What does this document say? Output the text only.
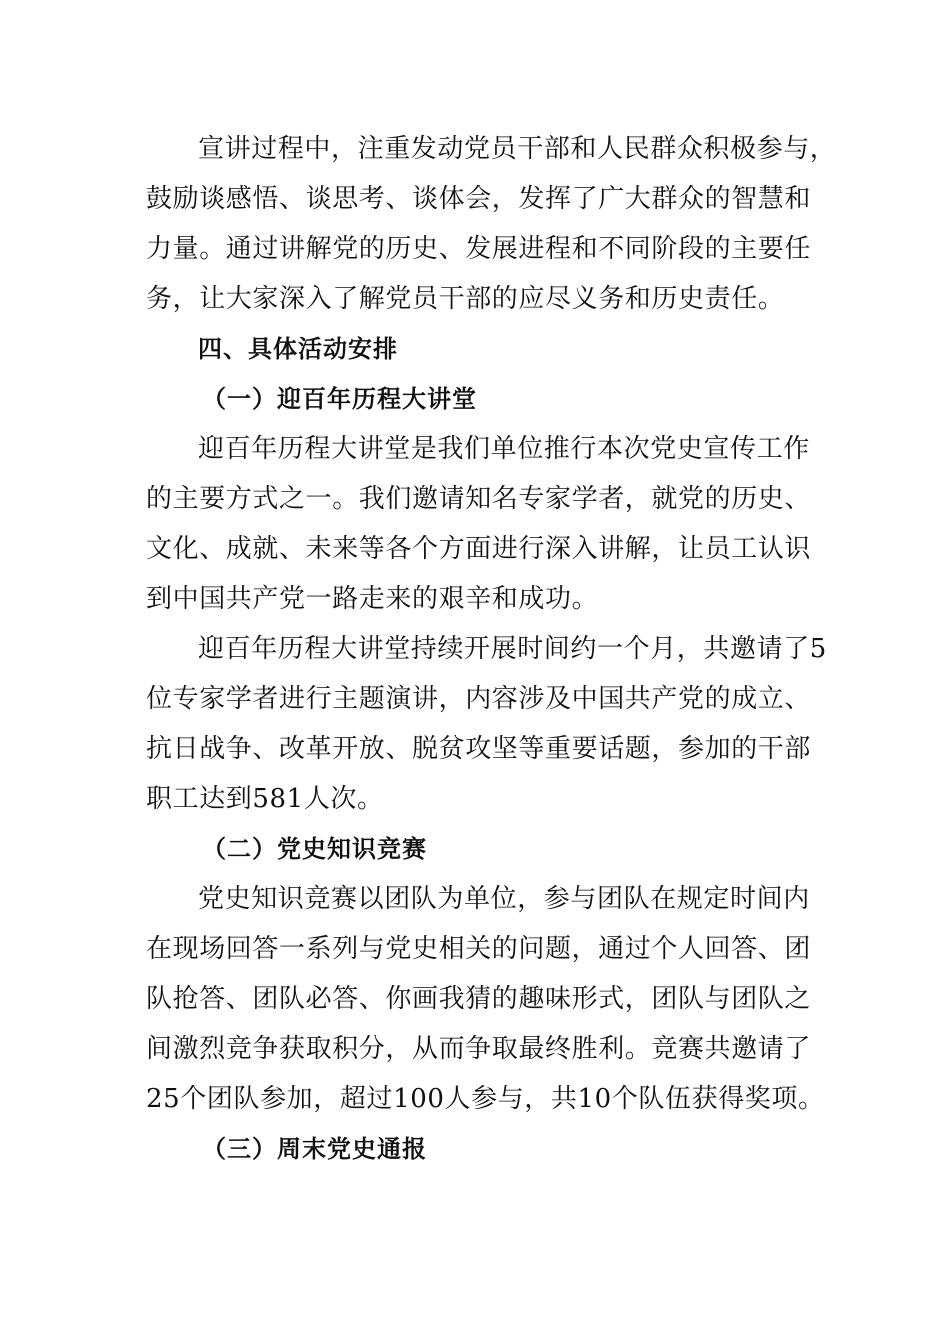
宣讲过程中，注重发动党员干部和人民群众积极参与，
鼓励谈感悟、谈思考、谈体会，发挥了广大群众的智慧和
力量。通过讲解党的历史、发展进程和不同阶段的主要任
务，让大家深入了解党员干部的应尽义务和历史责任。
四、具体活动安排
（一）迎百年历程大讲堂
迎百年历程大讲堂是我们单位推行本次党史宣传工作
的主要方式之一。我们邀请知名专家学者，就党的历史、
文化、成就、未来等各个方面进行深入讲解，让员工认识
到中国共产党一路走来的艰辛和成功。
迎百年历程大讲堂持续开展时间约一个月，共邀请了5
位专家学者进行主题演讲，内容涉及中国共产党的成立、
抗日战争、改革开放、脱贫攻坚等重要话题，参加的干部
职工达到581人次。
（二）党史知识竞赛
党史知识竞赛以团队为单位，参与团队在规定时间内
在现场回答一系列与党史相关的问题，通过个人回答、团
队抢答、团队必答、你画我猜的趣味形式，团队与团队之
间激烈竞争获取积分，从而争取最终胜利。竞赛共邀请了
25个团队参加，超过100人参与，共10个队伍获得奖项。
（三）周末党史通报
